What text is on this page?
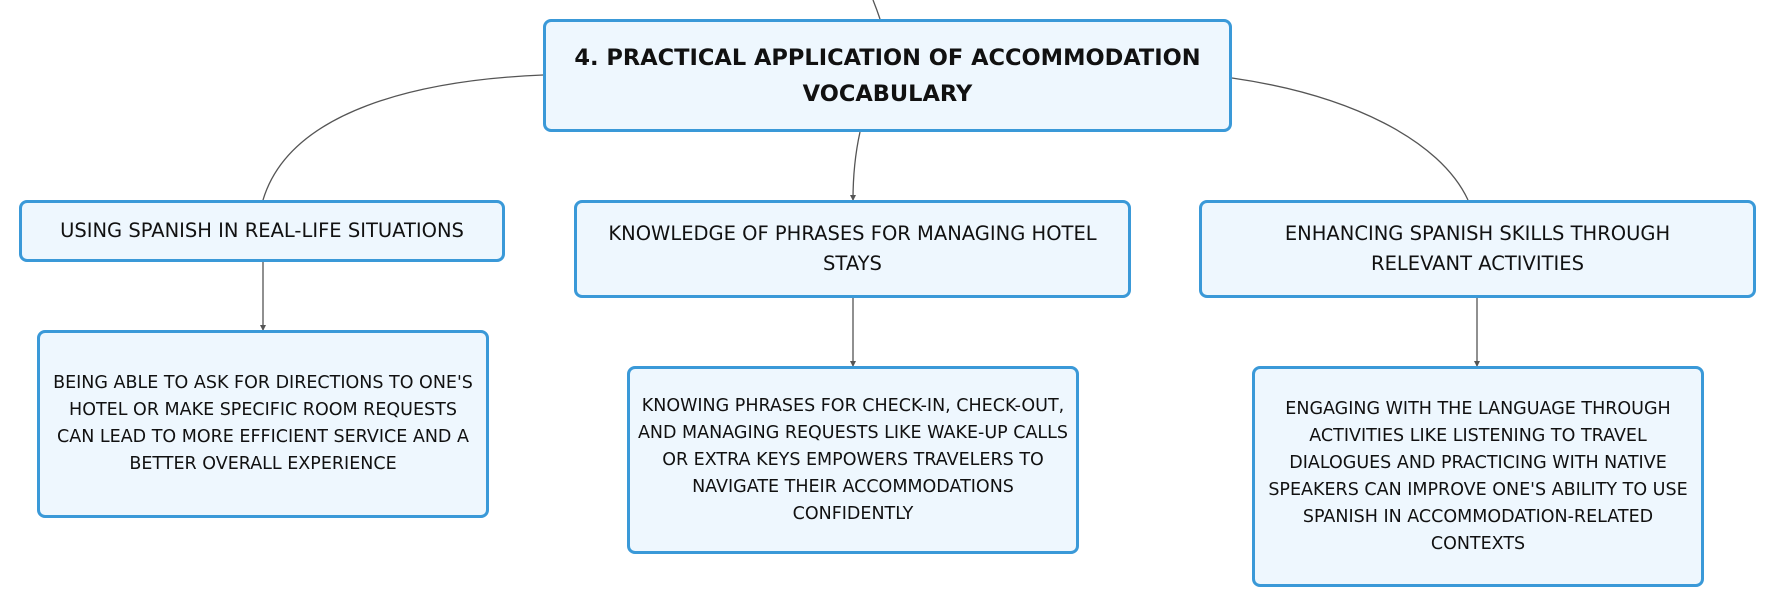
4. PRACTICAL APPLICATION OF ACCOMMODATION VOCABULARY
USING SPANISH IN REAL-LIFE SITUATIONS	KNOWLEDGE OF PHRASES FOR MANAGING HOTEL STAYS
ENHANCING SPANISH SKILLS THROUGH RELEVANT ACTIVITIES
BEING ABLE TO ASK FOR DIRECTIONS TO ONE'S HOTEL OR MAKE SPECIFIC ROOM REQUESTS CAN LEAD TO MORE EFFICIENT SERVICE AND A BETTER OVERALL EXPERIENCE
KNOWING PHRASES FOR CHECK-IN, CHECK-OUT, AND MANAGING REQUESTS LIKE WAKE-UP CALLS OR EXTRA KEYS EMPOWERS TRAVELERS TO NAVIGATE THEIR ACCOMMODATIONS CONFIDENTLY
ENGAGING WITH THE LANGUAGE THROUGH ACTIVITIES LIKE LISTENING TO TRAVEL DIALOGUES AND PRACTICING WITH NATIVE SPEAKERS CAN IMPROVE ONE'S ABILITY TO USE SPANISH IN ACCOMMODATION-RELATED CONTEXTS
